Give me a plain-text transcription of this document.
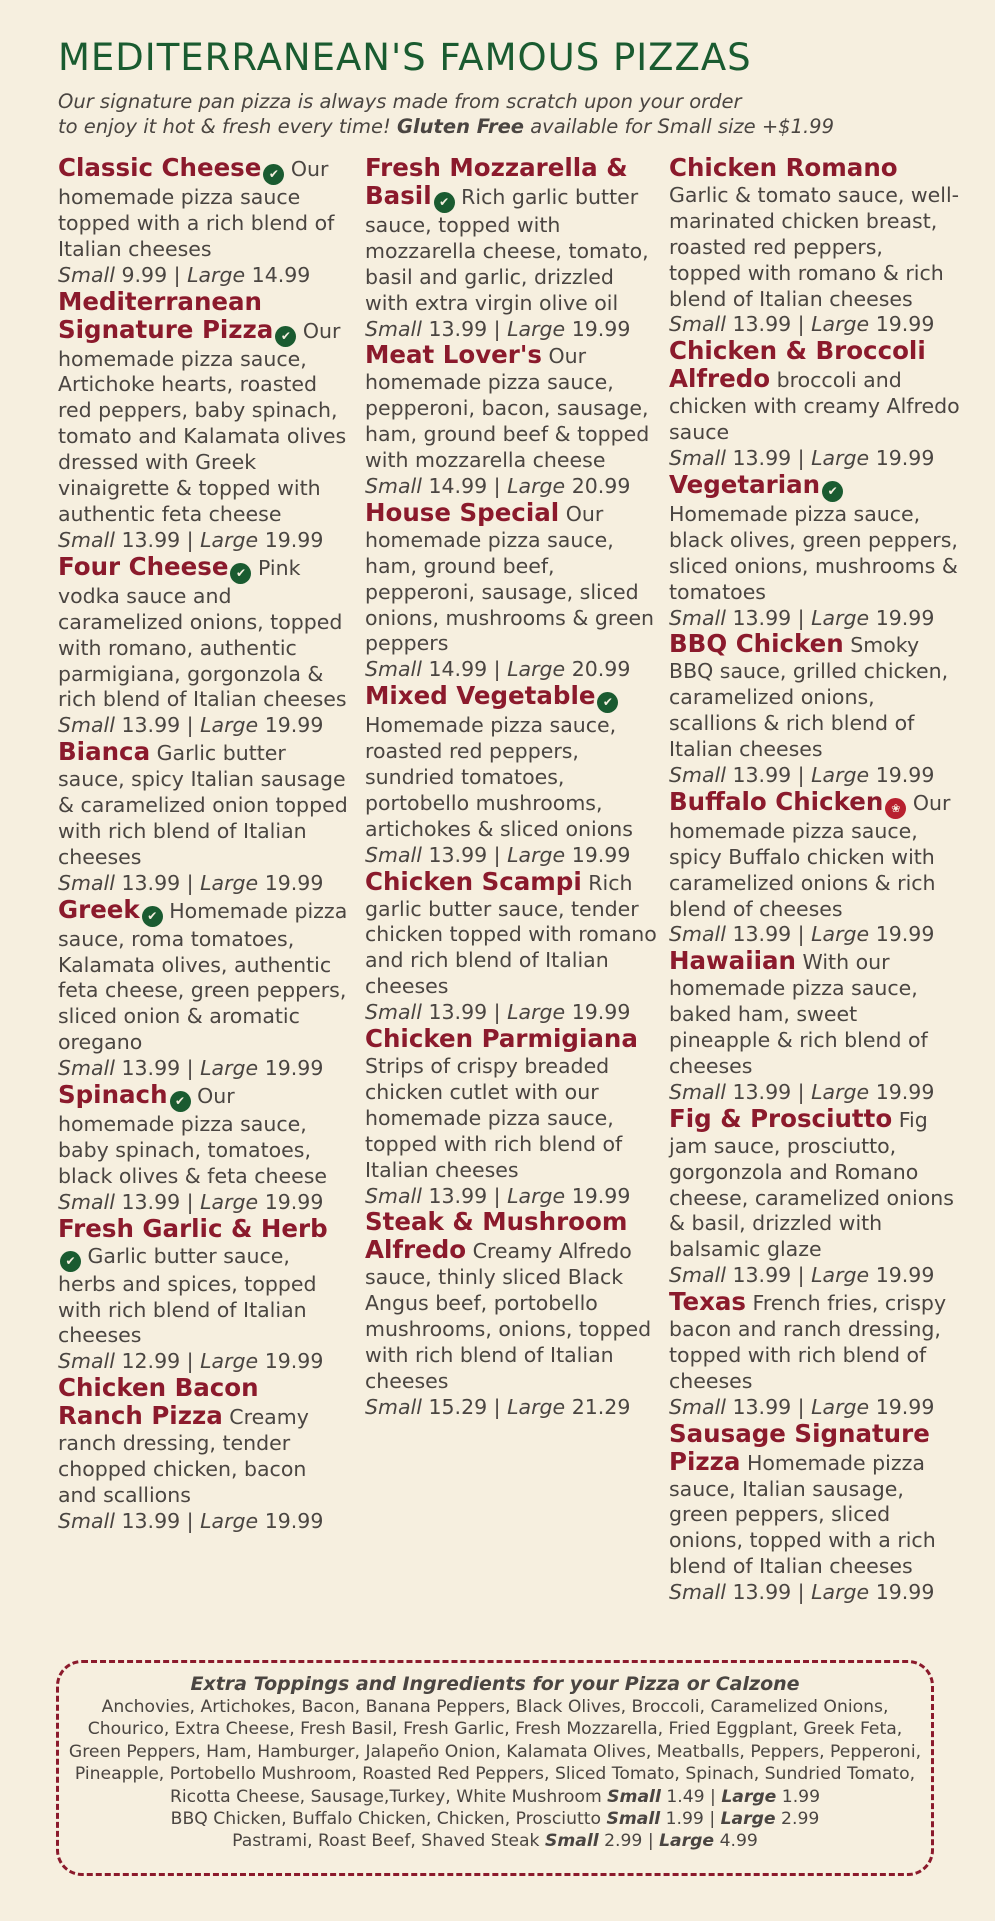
MEDITERRANEAN'S FAMOUS PIZZAS
Our signature pan pizza is always made from scratch upon your order
to enjoy it hot & fresh every time! Gluten Free available for Small size +$1.99
Classic Cheese ✔ Our homemade pizza sauce topped with a rich blend of Italian cheeses
Small 9.99 | Large 14.99
Mediterranean Signature Pizza ✔ Our homemade pizza sauce, Artichoke hearts, roasted red peppers, baby spinach, tomato and Kalamata olives dressed with Greek vinaigrette & topped with authentic feta cheese
Small 13.99 | Large 19.99
Four Cheese ✔ Pink vodka sauce and caramelized onions, topped with romano, authentic parmigiana, gorgonzola & rich blend of Italian cheeses
Small 13.99 | Large 19.99
Bianca Garlic butter sauce, spicy Italian sausage & caramelized onion topped with rich blend of Italian cheeses
Small 13.99 | Large 19.99
Greek ✔ Homemade pizza sauce, roma tomatoes, Kalamata olives, authentic feta cheese, green peppers, sliced onion & aromatic oregano
Small 13.99 | Large 19.99
Spinach ✔ Our homemade pizza sauce, baby spinach, tomatoes, black olives & feta cheese
Small 13.99 | Large 19.99
Fresh Garlic & Herb✔ Garlic butter sauce, herbs and spices, topped with rich blend of Italian cheeses
Small 12.99 | Large 19.99
Chicken Bacon Ranch Pizza Creamy ranch dressing, tender chopped chicken, bacon and scallions
Small 13.99 | Large 19.99
Fresh Mozzarella & Basil ✔ Rich garlic butter sauce, topped with mozzarella cheese, tomato, basil and garlic, drizzled with extra virgin olive oil
Small 13.99 | Large 19.99
Meat Lover's Our homemade pizza sauce, pepperoni, bacon, sausage, ham, ground beef & topped with mozzarella cheese
Small 14.99 | Large 20.99
House Special Our homemade pizza sauce, ham, ground beef, pepperoni, sausage, sliced onions, mushrooms & green peppers
Small 14.99 | Large 20.99
Mixed Vegetable ✔ Homemade pizza sauce, roasted red peppers, sundried tomatoes, portobello mushrooms, artichokes & sliced onions
Small 13.99 | Large 19.99
Chicken Scampi Rich garlic butter sauce, tender chicken topped with romano and rich blend of Italian cheeses
Small 13.99 | Large 19.99
Chicken Parmigiana Strips of crispy breaded chicken cutlet with our homemade pizza sauce, topped with rich blend of Italian cheeses
Small 13.99 | Large 19.99
Steak & Mushroom Alfredo Creamy Alfredo sauce, thinly sliced Black Angus beef, portobello mushrooms, onions, topped with rich blend of Italian cheeses
Small 15.29 | Large 21.29
Chicken Romano Garlic & tomato sauce, well-marinated chicken breast, roasted red peppers, topped with romano & rich blend of Italian cheeses
Small 13.99 | Large 19.99
Chicken & Broccoli Alfredo broccoli and chicken with creamy Alfredo sauce
Small 13.99 | Large 19.99
Vegetarian ✔ Homemade pizza sauce, black olives, green peppers, sliced onions, mushrooms & tomatoes
Small 13.99 | Large 19.99
BBQ Chicken Smoky BBQ sauce, grilled chicken, caramelized onions, scallions & rich blend of Italian cheeses
Small 13.99 | Large 19.99
Buffalo Chicken ❀ Our homemade pizza sauce, spicy Buffalo chicken with caramelized onions & rich blend of cheeses
Small 13.99 | Large 19.99
Hawaiian With our homemade pizza sauce, baked ham, sweet pineapple & rich blend of cheeses
Small 13.99 | Large 19.99
Fig & Prosciutto Fig jam sauce, prosciutto, gorgonzola and Romano cheese, caramelized onions & basil, drizzled with balsamic glaze
Small 13.99 | Large 19.99
Texas French fries, crispy bacon and ranch dressing, topped with rich blend of cheeses
Small 13.99 | Large 19.99
Sausage Signature Pizza Homemade pizza sauce, Italian sausage, green peppers, sliced onions, topped with a rich blend of Italian cheeses
Small 13.99 | Large 19.99
Extra Toppings and Ingredients for your Pizza or Calzone
Anchovies, Artichokes, Bacon, Banana Peppers, Black Olives, Broccoli, Caramelized Onions, Chourico, Extra Cheese, Fresh Basil, Fresh Garlic, Fresh Mozzarella, Fried Eggplant, Greek Feta, Green Peppers, Ham, Hamburger, Jalapeño Onion, Kalamata Olives, Meatballs, Peppers, Pepperoni, Pineapple, Portobello Mushroom, Roasted Red Peppers, Sliced Tomato, Spinach, Sundried Tomato, Ricotta Cheese, Sausage,Turkey, White Mushroom Small 1.49 | Large 1.99
BBQ Chicken, Buffalo Chicken, Chicken, Prosciutto Small 1.99 | Large 2.99
Pastrami, Roast Beef, Shaved Steak Small 2.99 | Large 4.99
